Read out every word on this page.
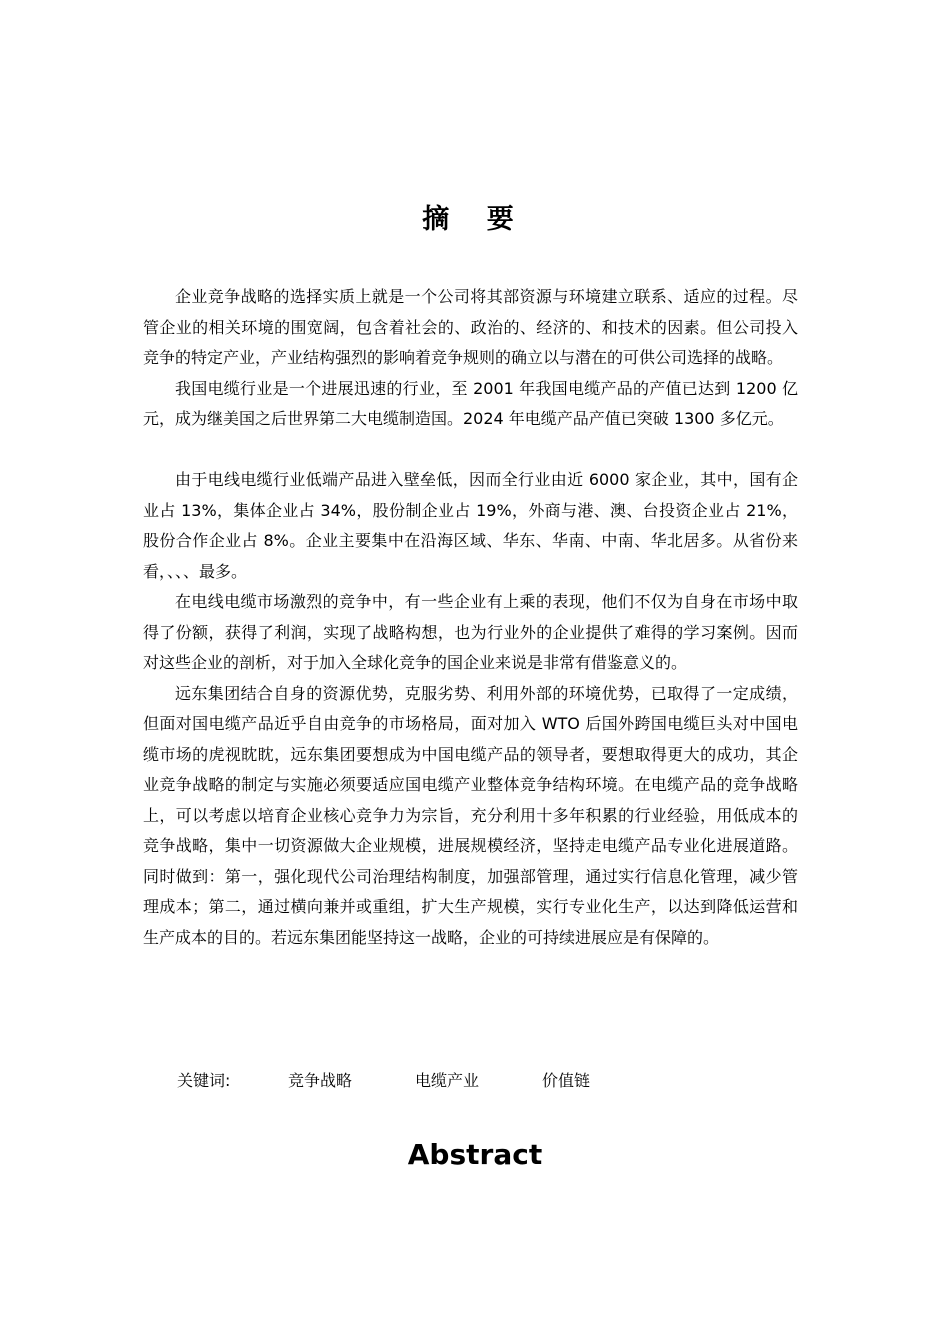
摘 要

企业竞争战略的选择实质上就是一个公司将其部资源与环境建立联系、适应的过程。尽管企业的相关环境的围宽阔，包含着社会的、政治的、经济的、和技术的因素。但公司投入竞争的特定产业，产业结构强烈的影响着竞争规则的确立以与潜在的可供公司选择的战略。

我国电缆行业是一个进展迅速的行业，至 2001 年我国电缆产品的产值已达到 1200 亿元，成为继美国之后世界第二大电缆制造国。2024 年电缆产品产值已突破 1300 多亿元。

由于电线电缆行业低端产品进入壁垒低，因而全行业由近 6000 家企业，其中，国有企业占 13%，集体企业占 34%，股份制企业占 19%，外商与港、澳、台投资企业占 21%，股份合作企业占 8%。企业主要集中在沿海区域、华东、华南、中南、华北居多。从省份来看，、、、最多。

在电线电缆市场激烈的竞争中，有一些企业有上乘的表现，他们不仅为自身在市场中取得了份额，获得了利润，实现了战略构想，也为行业外的企业提供了难得的学习案例。因而对这些企业的剖析，对于加入全球化竞争的国企业来说是非常有借鉴意义的。

远东集团结合自身的资源优势，克服劣势、利用外部的环境优势，已取得了一定成绩，但面对国电缆产品近乎自由竞争的市场格局，面对加入 WTO 后国外跨国电缆巨头对中国电缆市场的虎视眈眈，远东集团要想成为中国电缆产品的领导者，要想取得更大的成功，其企业竞争战略的制定与实施必须要适应国电缆产业整体竞争结构环境。在电缆产品的竞争战略上，可以考虑以培育企业核心竞争力为宗旨，充分利用十多年积累的行业经验，用低成本的竞争战略，集中一切资源做大企业规模，进展规模经济，坚持走电缆产品专业化进展道路。同时做到：第一，强化现代公司治理结构制度，加强部管理，通过实行信息化管理，减少管理成本；第二，通过横向兼并或重组，扩大生产规模，实行专业化生产，以达到降低运营和生产成本的目的。若远东集团能坚持这一战略，企业的可持续进展应是有保障的。

关键词:	竞争战略	电缆产业	价值链
Abstract
